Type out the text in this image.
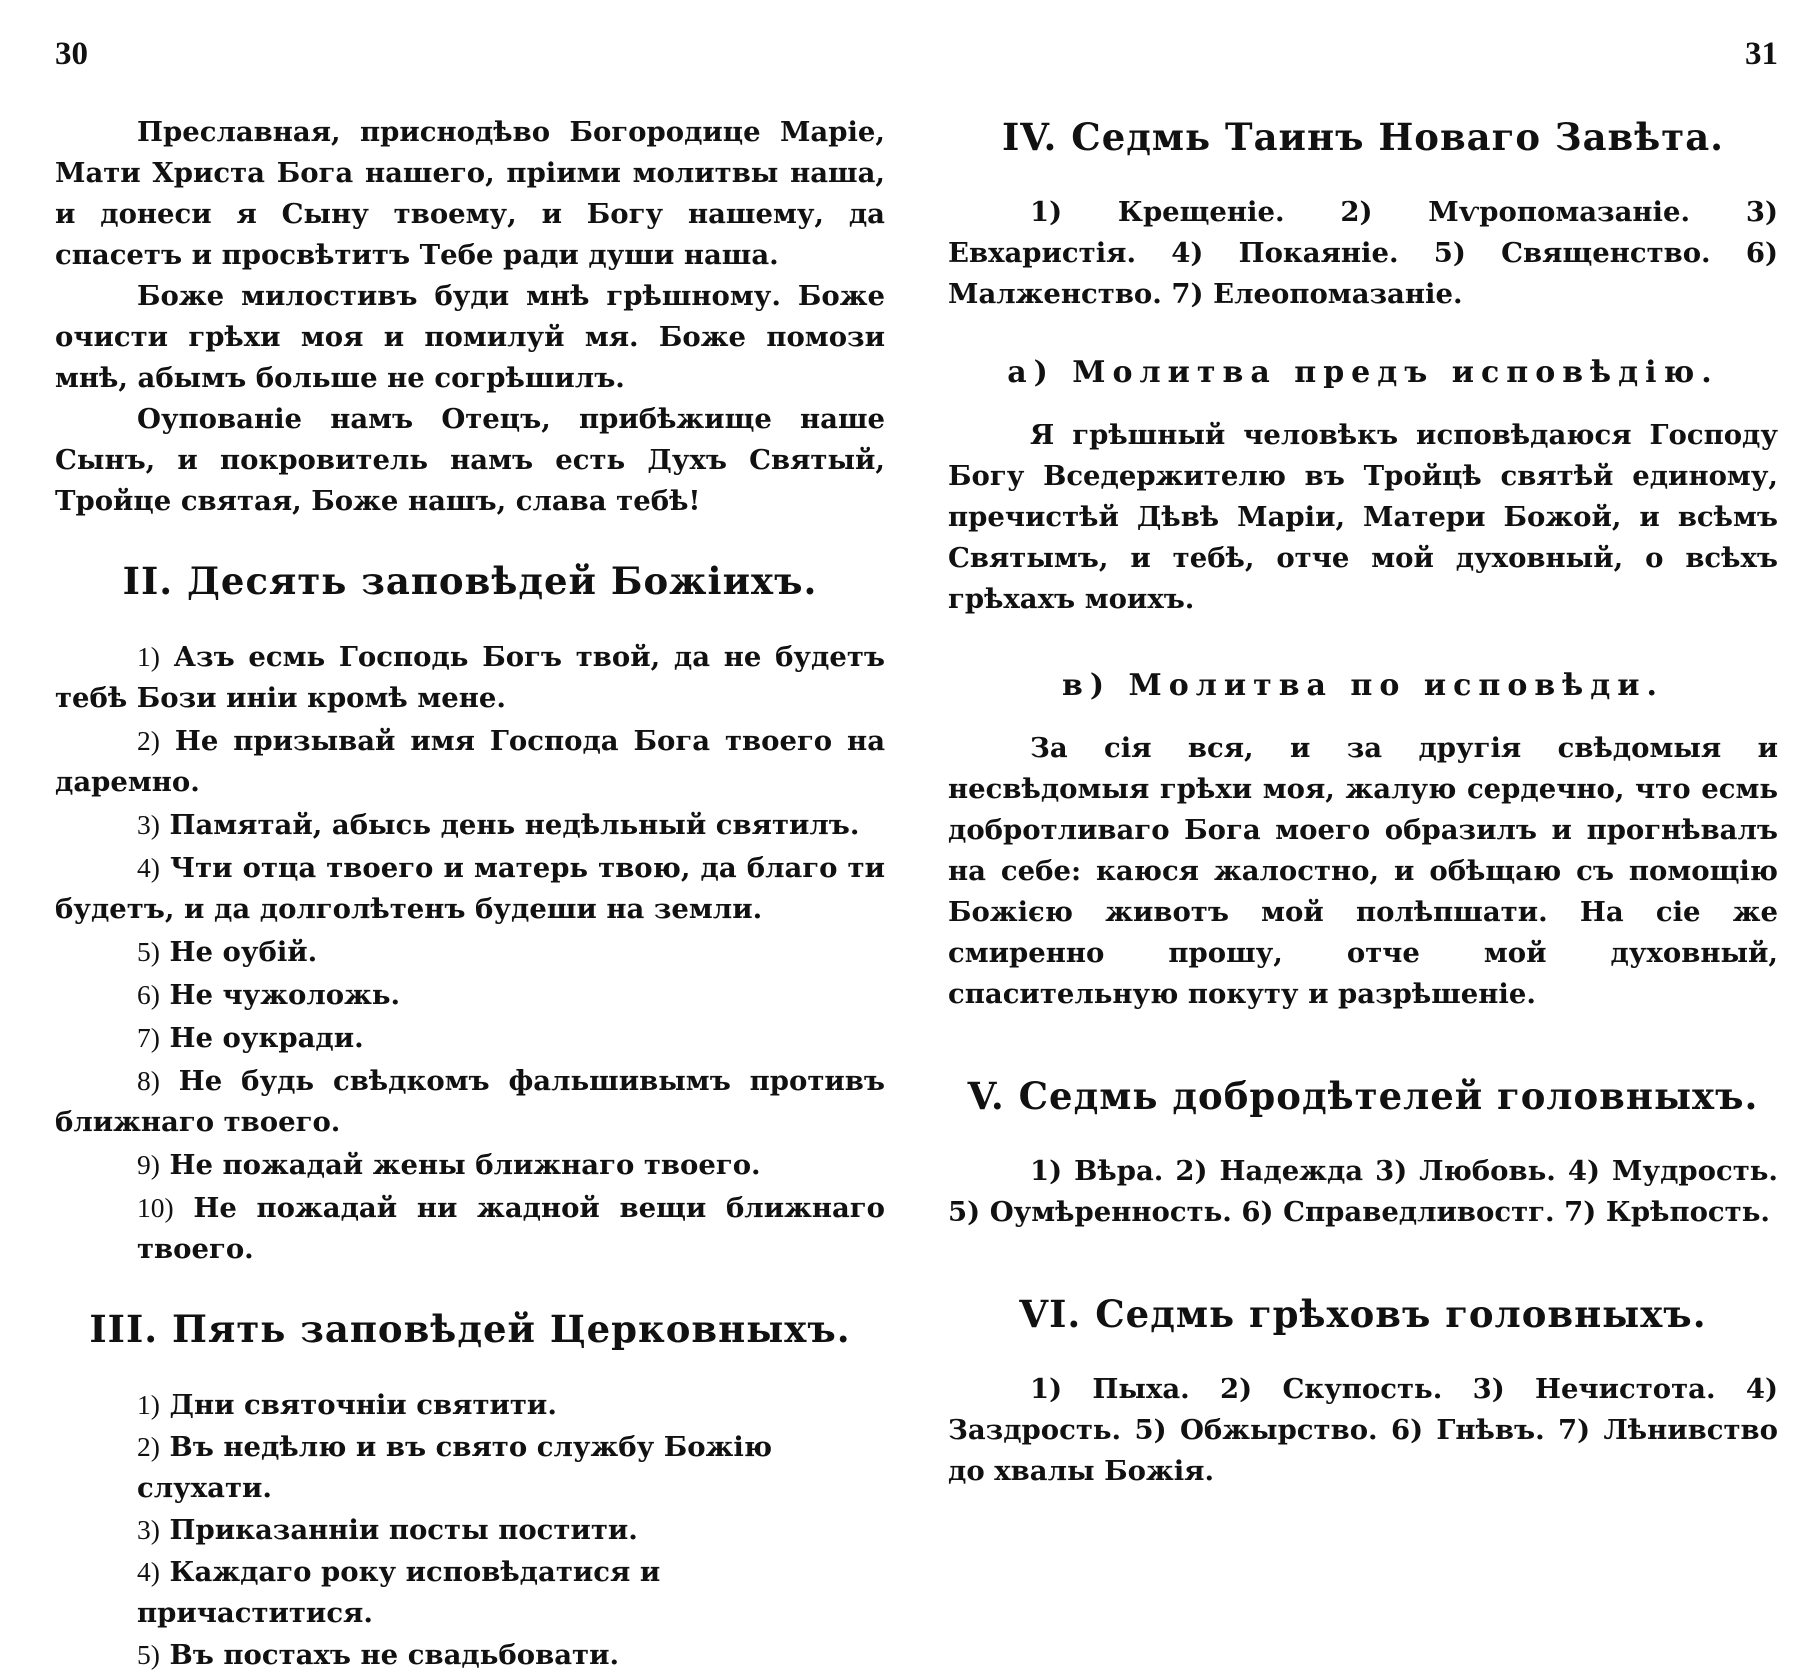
30

Преславная, приснодѣво Богородице Маріе, Мати Христа Бога нашего, пріими молитвы наша, и донеси я Сыну твоему, и Богу нашему, да спасетъ и просвѣтитъ Тебе ради души наша.

Боже милостивъ буди мнѣ грѣшному. Боже очисти грѣхи моя и помилуй мя. Боже помози мнѣ, абымъ больше не согрѣшилъ.

Оупованіе намъ Отецъ, прибѣжище наше Сынъ, и покровитель намъ есть Духъ Святый, Тройце святая, Боже нашъ, слава тебѣ!

II. Десять заповѣдей Божіихъ.

1) Азъ есмь Господь Богъ твой, да не будетъ тебѣ Бози иніи кромѣ мене.

2) Не призывай имя Господа Бога твоего на даремно.

3) Памятай, абысь день недѣльный святилъ.

4) Чти отца твоего и матерь твою, да благо ти будетъ, и да долголѣтенъ будеши на земли.

5) Не оубій.

6) Не чужоложь.

7) Не оукради.

8) Не будь свѣдкомъ фальшивымъ противъ ближнаго твоего.

9) Не пожадай жены ближнаго твоего.

10) Не пожадай ни жадной вещи ближнаго твоего.

III. Пять заповѣдей Церковныхъ.

1) Дни святочніи святити.

2) Въ недѣлю и въ свято службу Божію слухати.

3) Приказанніи посты постити.

4) Каждаго року исповѣдатися и причаститися.

5) Въ постахъ не свадьбовати.

31
IV. Седмь Таинъ Новаго Завѣта.

1) Крещеніе. 2) Мѵропомазаніе. 3) Евхаристія. 4) Покаяніе. 5) Священство. 6) Малженство. 7) Елеопомазаніе.

а) Молитва предъ исповѣдію.

Я грѣшный человѣкъ исповѣдаюся Господу Богу Вседержителю въ Тройцѣ святѣй единому, пречистѣй Дѣвѣ Маріи, Матери Божой, и всѣмъ Святымъ, и тебѣ, отче мой духовный, о всѣхъ грѣхахъ моихъ.

в) Молитва по исповѣди.

За сія вся, и за другія свѣдомыя и несвѣдомыя грѣхи моя, жалую сердечно, что есмь добротливаго Бога моего образилъ и прогнѣвалъ на себе: каюся жалостно, и обѣщаю съ помощію Божією животъ мой полѣпшати. На сіе же смиренно прошу, отче мой духовный, спасительную покуту и разрѣшеніе.

V. Седмь добродѣтелей головныхъ.

1) Вѣра. 2) Надежда 3) Любовь. 4) Мудрость. 5) Оумѣренность. 6) Справедливостг. 7) Крѣпость.

VI. Седмь грѣховъ головныхъ.

1) Пыха. 2) Скупость. 3) Нечистота. 4) Заздрость. 5) Обжырство. 6) Гнѣвъ. 7) Лѣнивство до хвалы Божія.
